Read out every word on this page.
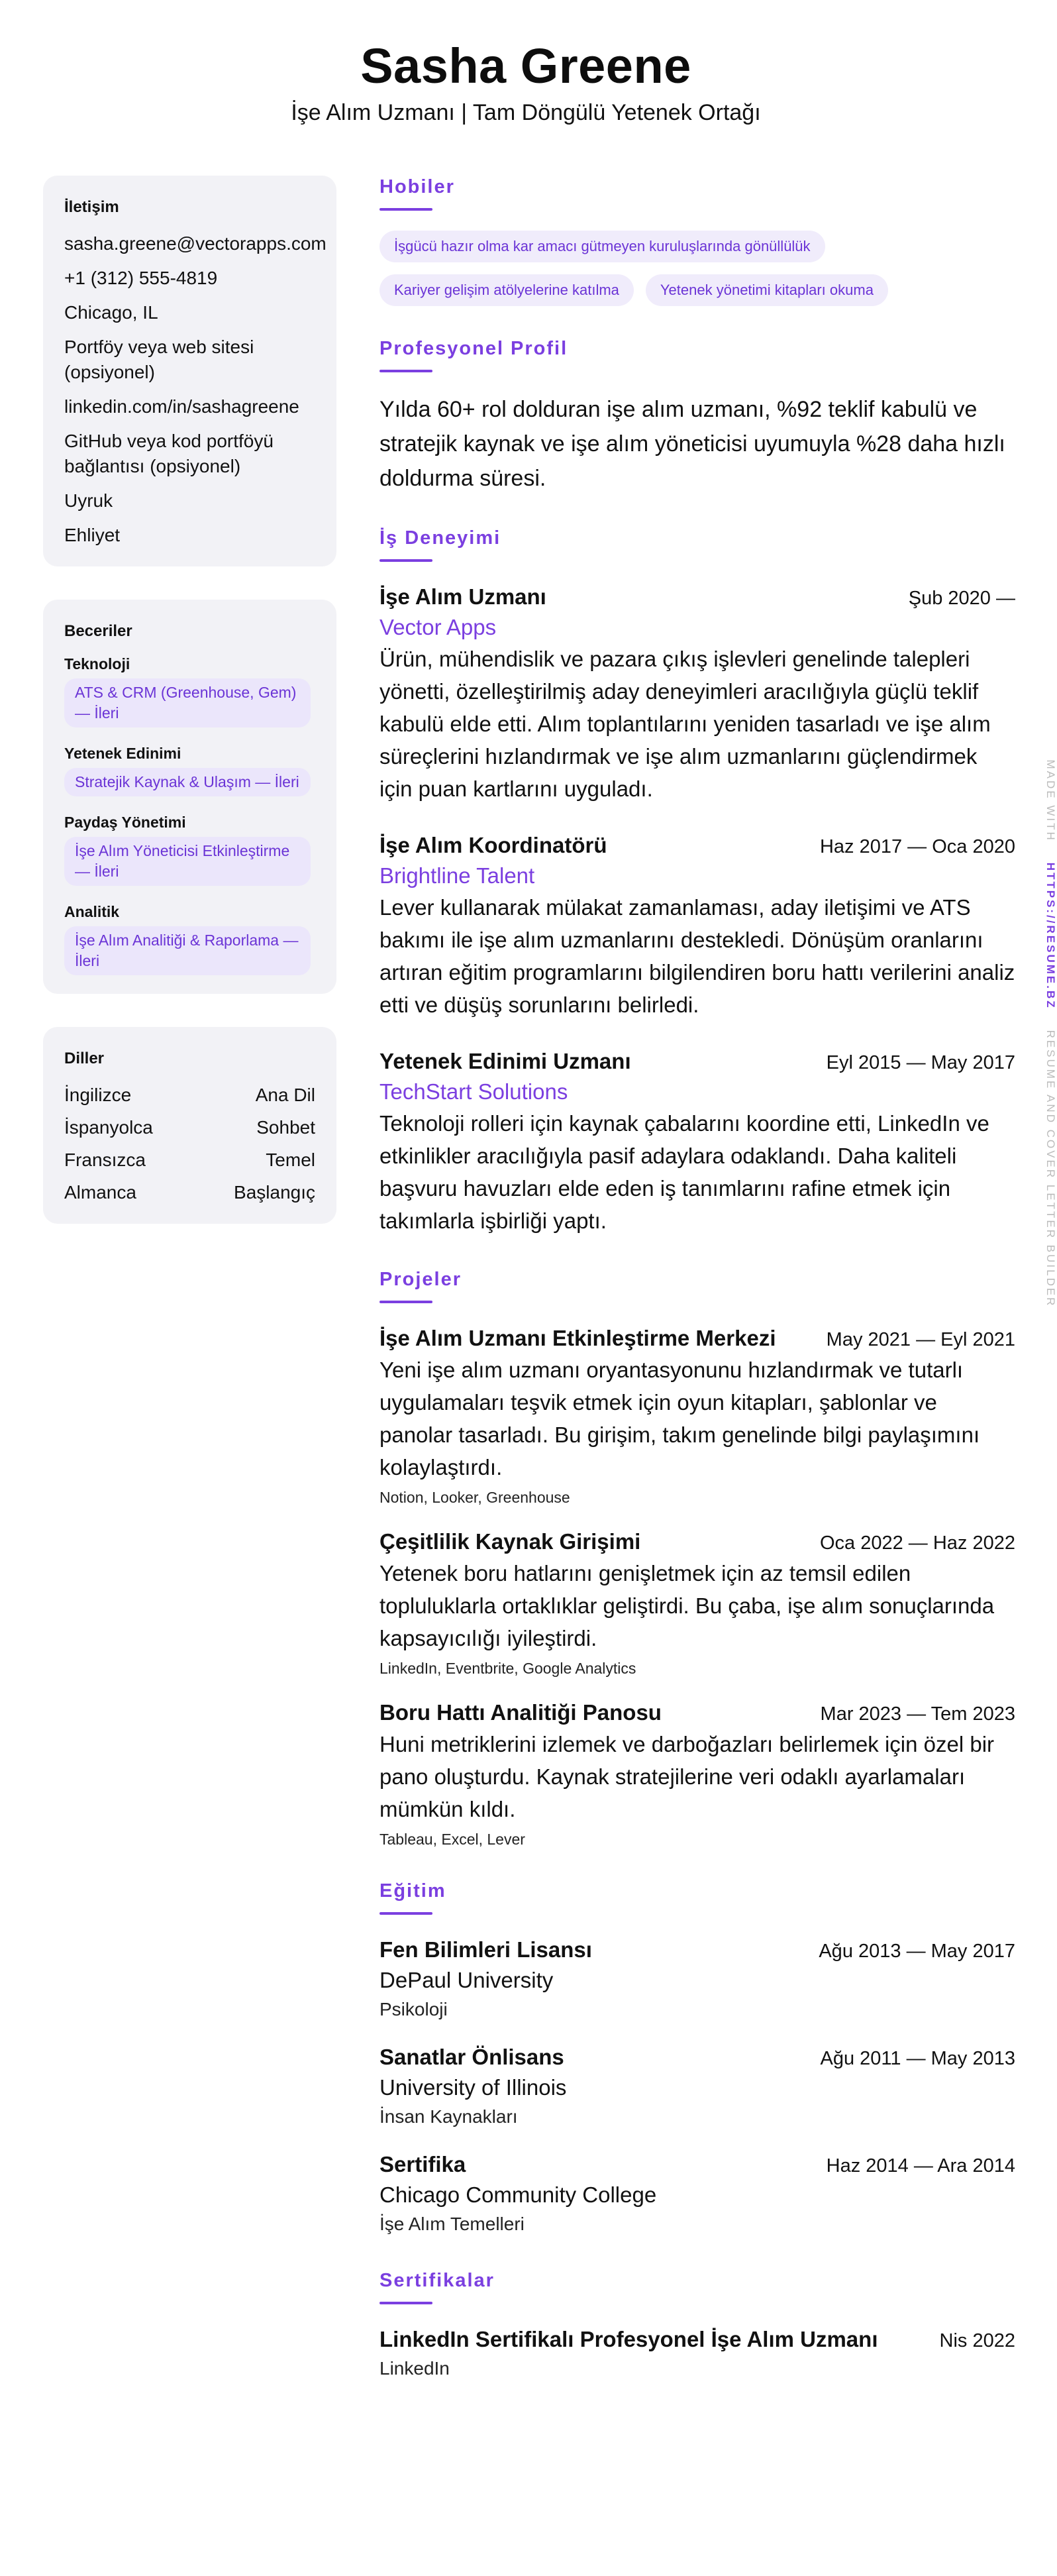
Sasha Greene
İşe Alım Uzmanı | Tam Döngülü Yetenek Ortağı
İletişim
sasha.greene@vectorapps.com
+1 (312) 555-4819
Chicago, IL
Portföy veya web sitesi (opsiyonel)
linkedin.com/in/sashagreene
GitHub veya kod portföyü bağlantısı (opsiyonel)
Uyruk
Ehliyet
Beceriler
Teknoloji
ATS & CRM (Greenhouse, Gem) — İleri
Yetenek Edinimi
Stratejik Kaynak & Ulaşım — İleri
Paydaş Yönetimi
İşe Alım Yöneticisi Etkinleştirme — İleri
Analitik
İşe Alım Analitiği & Raporlama — İleri
Diller
İngilizce	Ana Dil
İspanyolca	Sohbet
Fransızca	Temel
Almanca	Başlangıç
Hobiler
İşgücü hazır olma kar amacı gütmeyen kuruluşlarında gönüllülük
Kariyer gelişim atölyelerine katılma	Yetenek yönetimi kitapları okuma
Profesyonel Profil
Yılda 60+ rol dolduran işe alım uzmanı, %92 teklif kabulü ve stratejik kaynak ve işe alım yöneticisi uyumuyla %28 daha hızlı doldurma süresi.
İş Deneyimi
İşe Alım Uzmanı	Şub 2020 —
Vector Apps
Ürün, mühendislik ve pazara çıkış işlevleri genelinde talepleri yönetti, özelleştirilmiş aday deneyimleri aracılığıyla güçlü teklif kabulü elde etti. Alım toplantılarını yeniden tasarladı ve işe alım süreçlerini hızlandırmak ve işe alım uzmanlarını güçlendirmek için puan kartlarını uyguladı.
İşe Alım Koordinatörü	Haz 2017 — Oca 2020
Brightline Talent
Lever kullanarak mülakat zamanlaması, aday iletişimi ve ATS bakımı ile işe alım uzmanlarını destekledi. Dönüşüm oranlarını artıran eğitim programlarını bilgilendiren boru hattı verilerini analiz etti ve düşüş sorunlarını belirledi.
Yetenek Edinimi Uzmanı	Eyl 2015 — May 2017
TechStart Solutions
Teknoloji rolleri için kaynak çabalarını koordine etti, LinkedIn ve etkinlikler aracılığıyla pasif adaylara odaklandı. Daha kaliteli başvuru havuzları elde eden iş tanımlarını rafine etmek için takımlarla işbirliği yaptı.
Projeler
İşe Alım Uzmanı Etkinleştirme Merkezi	May 2021 — Eyl 2021
Yeni işe alım uzmanı oryantasyonunu hızlandırmak ve tutarlı uygulamaları teşvik etmek için oyun kitapları, şablonlar ve panolar tasarladı. Bu girişim, takım genelinde bilgi paylaşımını kolaylaştırdı.
Notion, Looker, Greenhouse
Çeşitlilik Kaynak Girişimi	Oca 2022 — Haz 2022
Yetenek boru hatlarını genişletmek için az temsil edilen topluluklarla ortaklıklar geliştirdi. Bu çaba, işe alım sonuçlarında kapsayıcılığı iyileştirdi.
LinkedIn, Eventbrite, Google Analytics
Boru Hattı Analitiği Panosu	Mar 2023 — Tem 2023
Huni metriklerini izlemek ve darboğazları belirlemek için özel bir pano oluşturdu. Kaynak stratejilerine veri odaklı ayarlamaları mümkün kıldı.
Tableau, Excel, Lever
Eğitim
Fen Bilimleri Lisansı	Ağu 2013 — May 2017
DePaul University
Psikoloji
Sanatlar Önlisans	Ağu 2011 — May 2013
University of Illinois
İnsan Kaynakları
Sertifika	Haz 2014 — Ara 2014
Chicago Community College
İşe Alım Temelleri
Sertifikalar
LinkedIn Sertifikalı Profesyonel İşe Alım Uzmanı	Nis 2022
LinkedIn
MADE WITH    HTTPS://RESUME.BZ    RESUME AND COVER LETTER BUILDER
